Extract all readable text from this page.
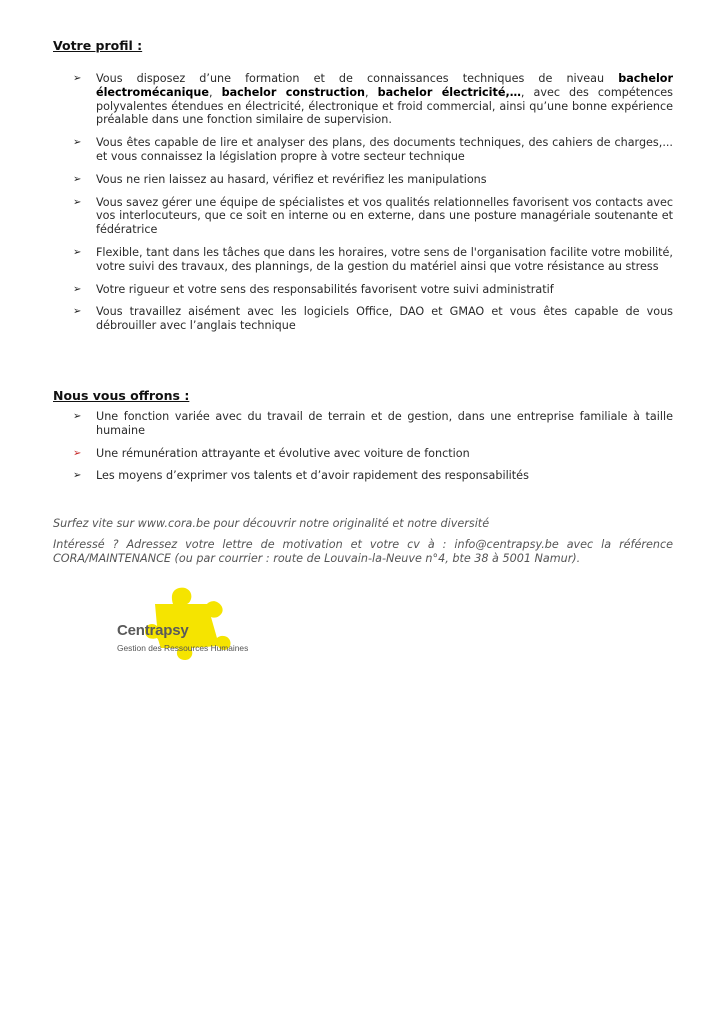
Votre profil :
➢ Vous disposez d’une formation et de connaissances techniques de niveau bachelor électromécanique, bachelor construction, bachelor électricité,…, avec des compétences polyvalentes étendues en électricité, électronique et froid commercial, ainsi qu’une bonne expérience préalable dans une fonction similaire de supervision.
➢ Vous êtes capable de lire et analyser des plans, des documents techniques, des cahiers de charges,... et vous connaissez la législation propre à votre secteur technique
➢ Vous ne rien laissez au hasard, vérifiez et revérifiez les manipulations
➢ Vous savez gérer une équipe de spécialistes et vos qualités relationnelles favorisent vos contacts avec vos interlocuteurs, que ce soit en interne ou en externe, dans une posture managériale soutenante et fédératrice
➢ Flexible, tant dans les tâches que dans les horaires, votre sens de l'organisation facilite votre mobilité, votre suivi des travaux, des plannings, de la gestion du matériel ainsi que votre résistance au stress
➢ Votre rigueur et votre sens des responsabilités favorisent votre suivi administratif
➢ Vous travaillez aisément avec les logiciels Office, DAO et GMAO et vous êtes capable de vous débrouiller avec l’anglais technique
Nous vous offrons :
➢ Une fonction variée avec du travail de terrain et de gestion, dans une entreprise familiale à taille humaine
➢ Une rémunération attrayante et évolutive avec voiture de fonction
➢ Les moyens d’exprimer vos talents et d’avoir rapidement des responsabilités

Surfez vite sur www.cora.be pour découvrir notre originalité et notre diversité

Intéressé ? Adressez votre lettre de motivation et votre cv à : info@centrapsy.be avec la référence CORA/MAINTENANCE (ou par courrier : route de Louvain-la-Neuve n°4, bte 38 à 5001 Namur).

Centrapsy
Gestion des Ressources Humaines
